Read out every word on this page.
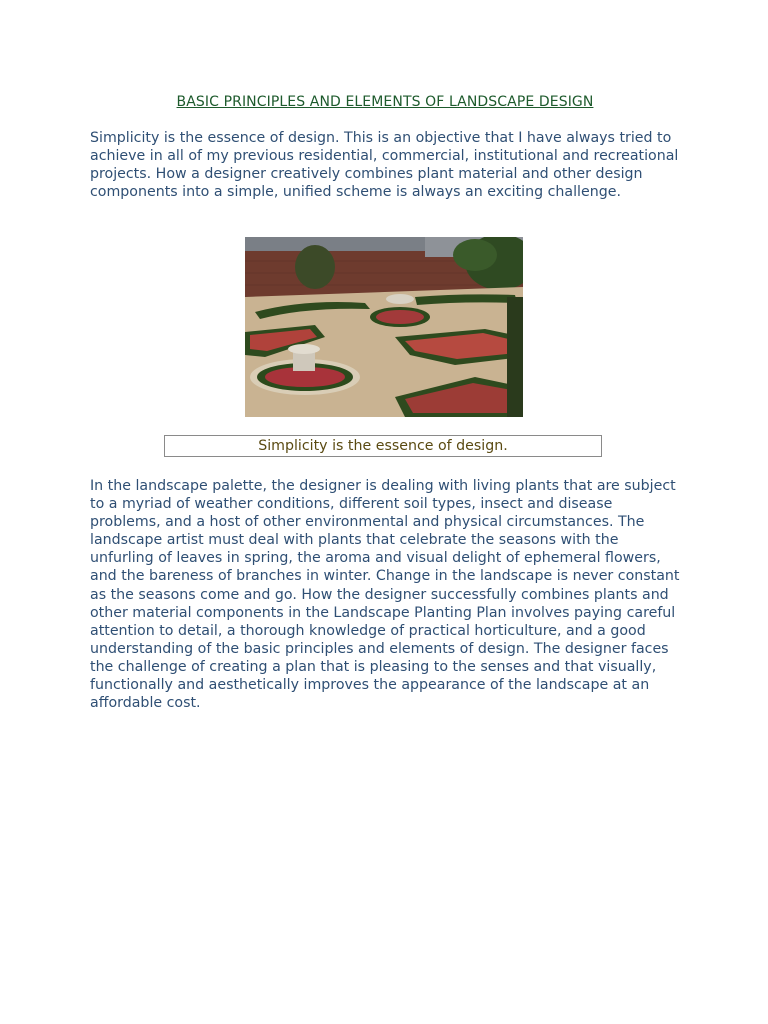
BASIC PRINCIPLES AND ELEMENTS OF LANDSCAPE DESIGN

Simplicity is the essence of design. This is an objective that I have always tried to achieve in all of my previous residential, commercial, institutional and recreational projects. How a designer creatively combines plant material and other design components into a simple, unified scheme is always an exciting challenge.

Simplicity is the essence of design.

In the landscape palette, the designer is dealing with living plants that are subject to a myriad of weather conditions, different soil types, insect and disease problems, and a host of other environmental and physical circumstances. The landscape artist must deal with plants that celebrate the seasons with the unfurling of leaves in spring, the aroma and visual delight of ephemeral flowers, and the bareness of branches in winter. Change in the landscape is never constant as the seasons come and go. How the designer successfully combines plants and other material components in the Landscape Planting Plan involves paying careful attention to detail, a thorough knowledge of practical horticulture, and a good understanding of the basic principles and elements of design. The designer faces the challenge of creating a plan that is pleasing to the senses and that visually, functionally and aesthetically improves the appearance of the landscape at an affordable cost.
